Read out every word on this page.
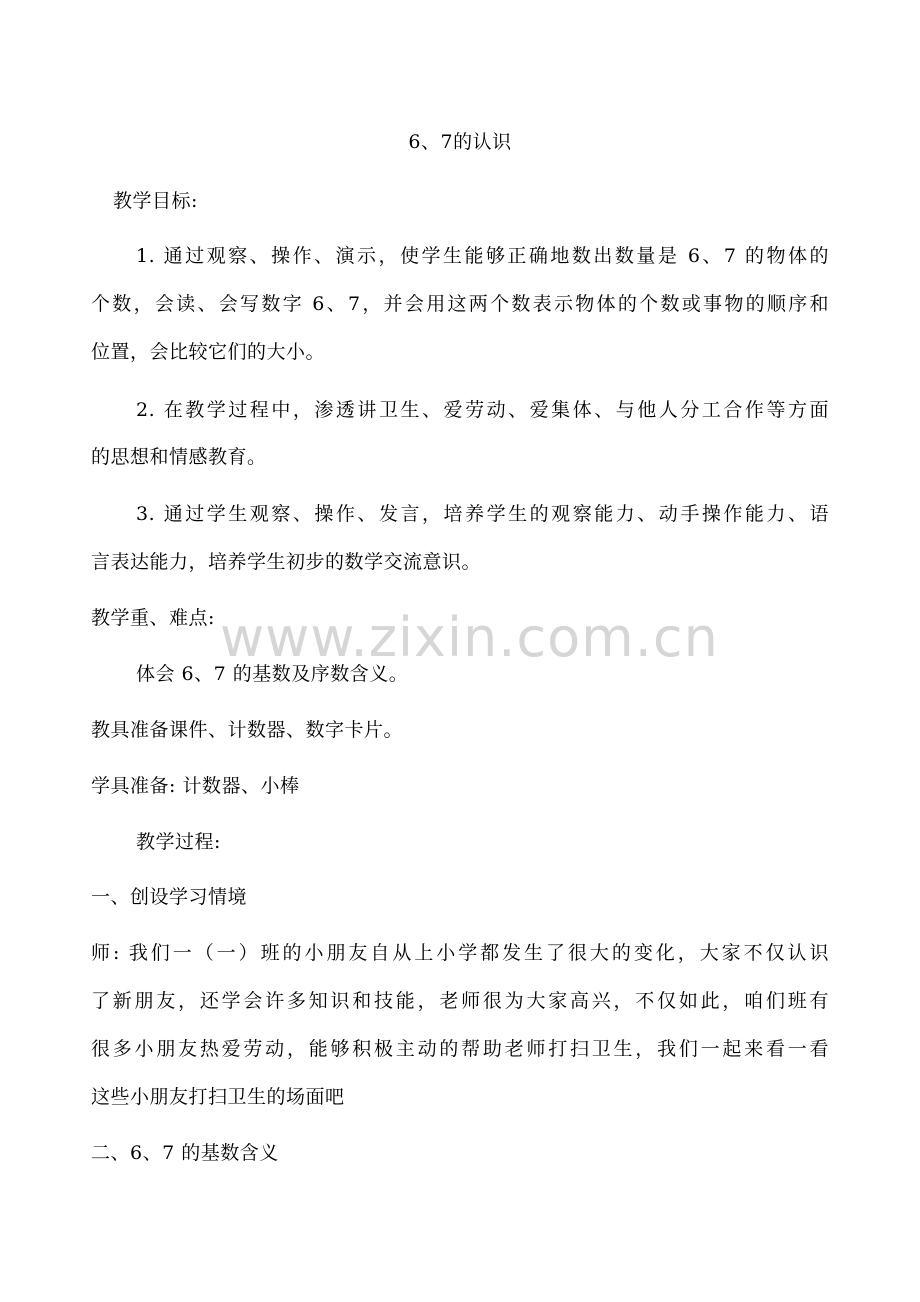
6、7的认识
教学目标:
1. 通过观察、操作、演示，使学生能够正确地数出数量是 6、7 的物体的
个数，会读、会写数字 6、7，并会用这两个数表示物体的个数或事物的顺序和
位置，会比较它们的大小。
2. 在教学过程中，渗透讲卫生、爱劳动、爱集体、与他人分工合作等方面
的思想和情感教育。
3. 通过学生观察、操作、发言，培养学生的观察能力、动手操作能力、语
言表达能力，培养学生初步的数学交流意识。
教学重、难点: www.zixin.com.cn
体会 6、7 的基数及序数含义。
教具准备课件、计数器、数字卡片。
学具准备: 计数器、小棒
教学过程:
一、创设学习情境
师: 我们一（一）班的小朋友自从上小学都发生了很大的变化，大家不仅认识
了新朋友，还学会许多知识和技能，老师很为大家高兴，不仅如此，咱们班有
很多小朋友热爱劳动，能够积极主动的帮助老师打扫卫生，我们一起来看一看
这些小朋友打扫卫生的场面吧
二、6、7 的基数含义
